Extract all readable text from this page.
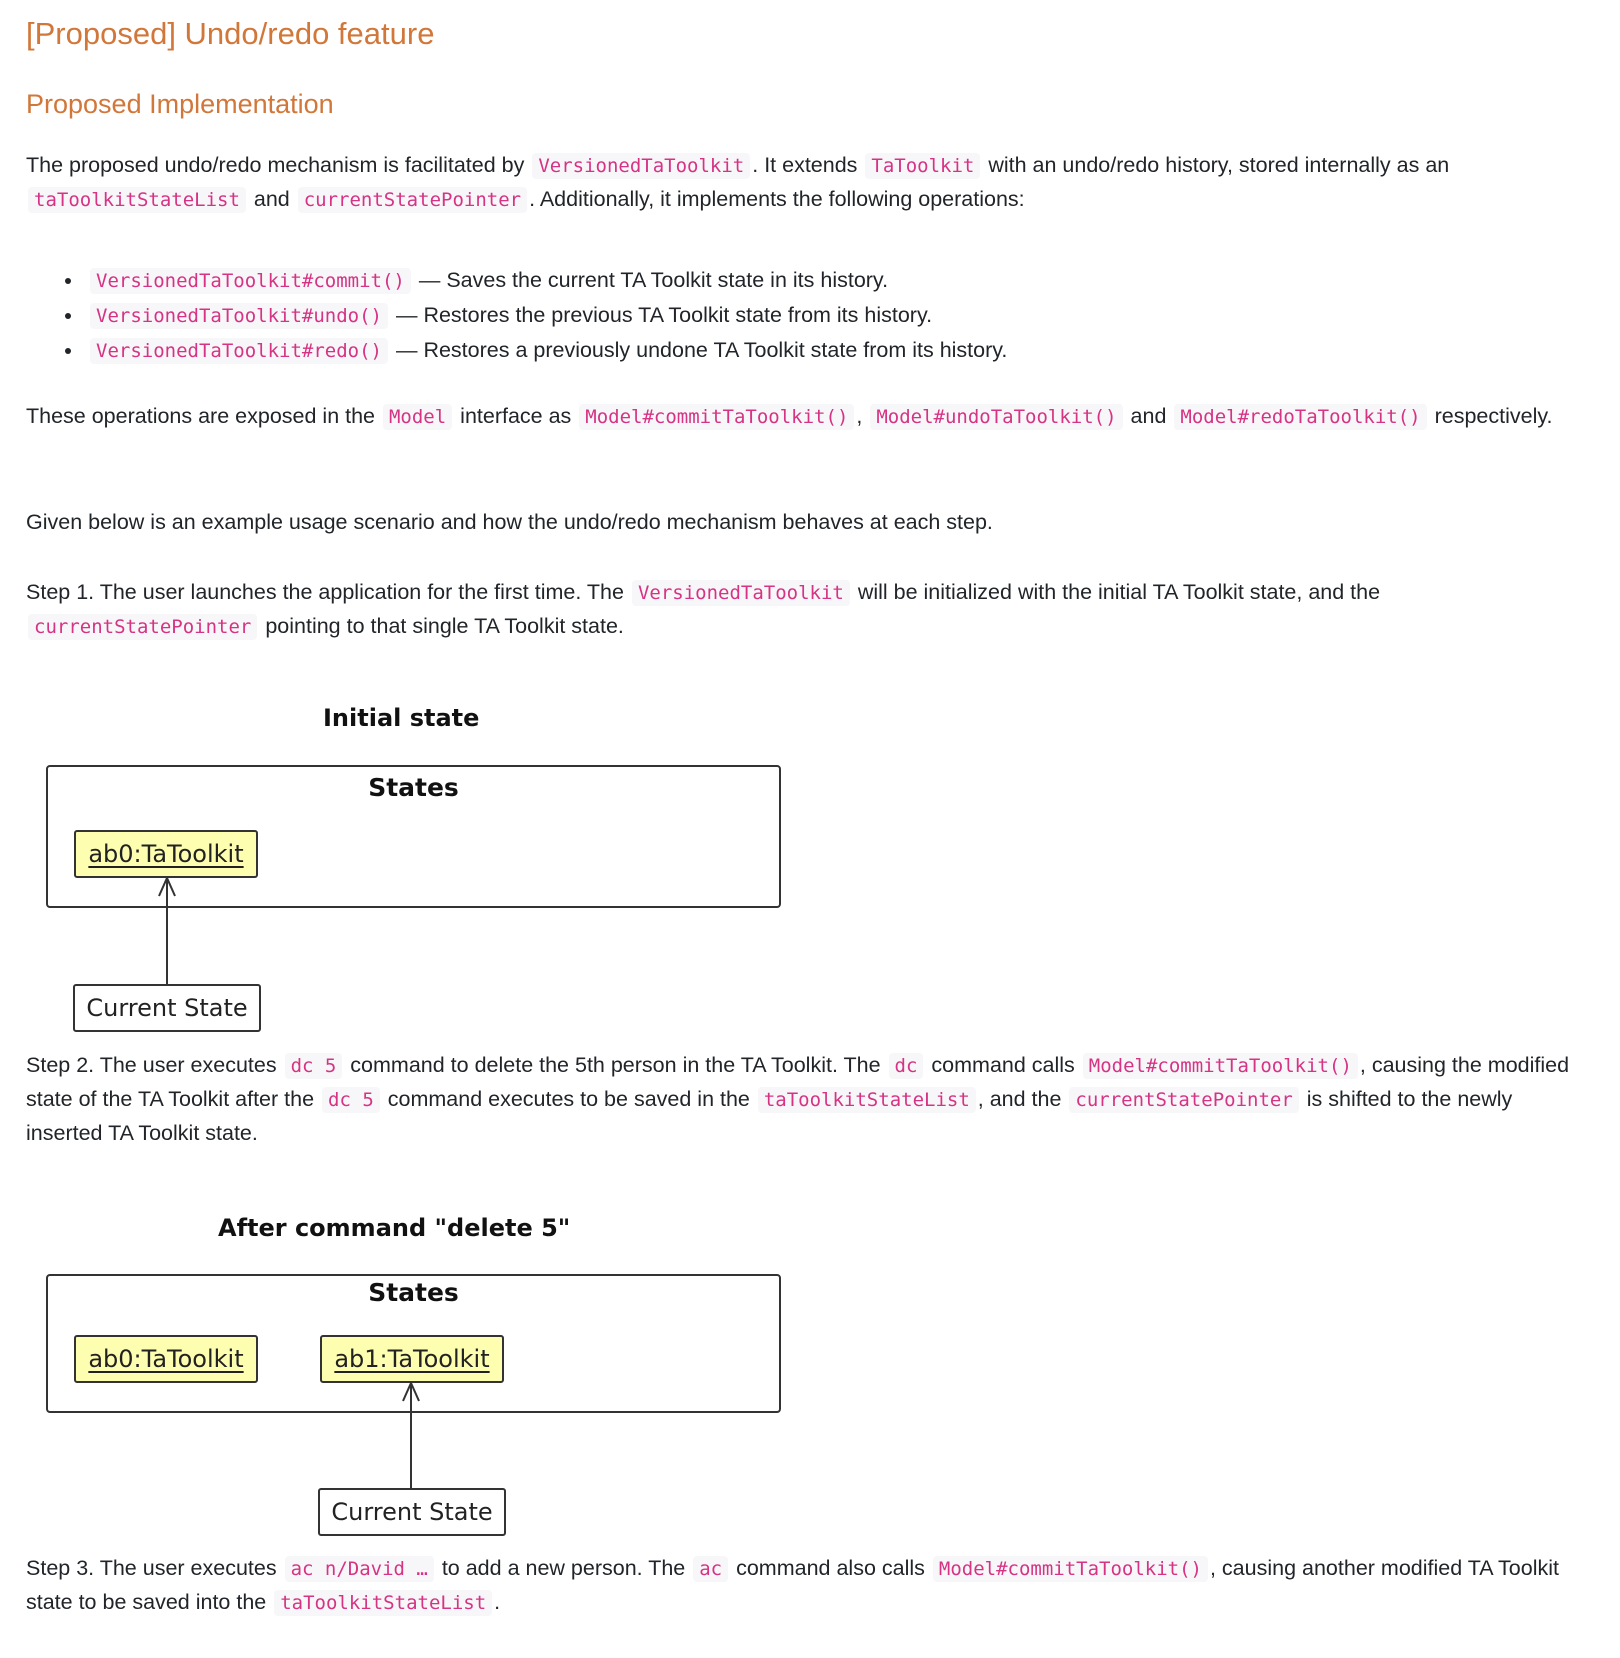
[Proposed] Undo/redo feature
Proposed Implementation

The proposed undo/redo mechanism is facilitated by VersionedTaToolkit . It extends TaToolkit with an undo/redo history, stored internally as an taToolkitStateList and currentStatePointer . Additionally, it implements the following operations:

• VersionedTaToolkit#commit() — Saves the current TA Toolkit state in its history.
• VersionedTaToolkit#undo() — Restores the previous TA Toolkit state from its history.
• VersionedTaToolkit#redo() — Restores a previously undone TA Toolkit state from its history.

These operations are exposed in the Model interface as Model#commitTaToolkit() , Model#undoTaToolkit() and Model#redoTaToolkit() respectively.

Given below is an example usage scenario and how the undo/redo mechanism behaves at each step.

Step 1. The user launches the application for the first time. The VersionedTaToolkit will be initialized with the initial TA Toolkit state, and the currentStatePointer pointing to that single TA Toolkit state.

Initial state
States
ab0:TaToolkit
Current State

Step 2. The user executes dc 5 command to delete the 5th person in the TA Toolkit. The dc command calls Model#commitTaToolkit() , causing the modified state of the TA Toolkit after the dc 5 command executes to be saved in the taToolkitStateList , and the currentStatePointer is shifted to the newly inserted TA Toolkit state.

After command "delete 5"
States
ab0:TaToolkit	ab1:TaToolkit
Current State

Step 3. The user executes ac n/David … to add a new person. The ac command also calls Model#commitTaToolkit() , causing another modified TA Toolkit state to be saved into the taToolkitStateList .
